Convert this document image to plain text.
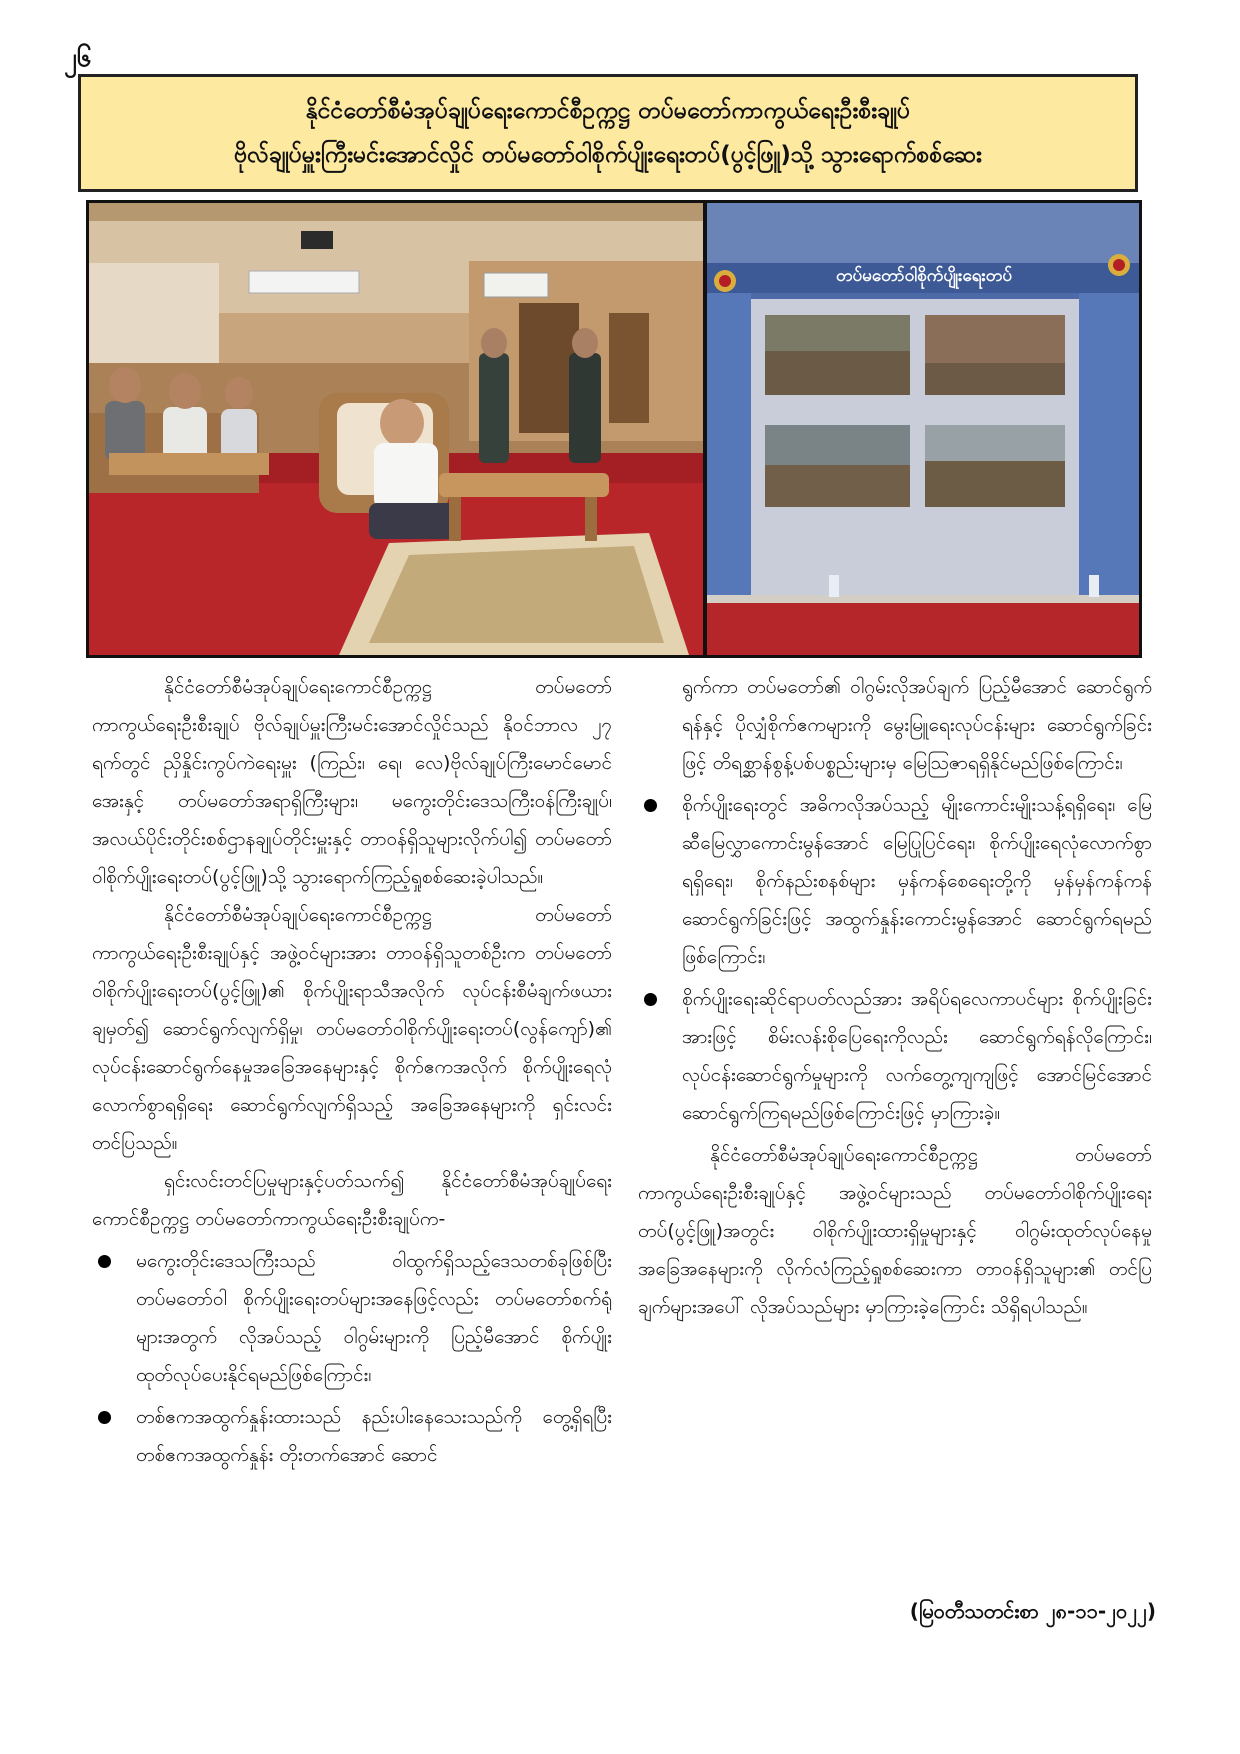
၂၆
နိုင်ငံတော်စီမံအုပ်ချုပ်ရေးကောင်စီဥက္ကဋ္ဌ တပ်မတော်ကာကွယ်ရေးဦးစီးချုပ်
ဗိုလ်ချုပ်မှူးကြီးမင်းအောင်လှိုင် တပ်မတော်ဝါစိုက်ပျိုးရေးတပ်(ပွင့်ဖြူ)သို့ သွားရောက်စစ်ဆေး
တပ်မတော်ဝါစိုက်ပျိုးရေးတပ်

နိုင်ငံတော်စီမံအုပ်ချုပ်ရေးကောင်စီဥက္ကဋ္ဌ တပ်မတော်ကာကွယ်ရေးဦးစီးချုပ် ဗိုလ်ချုပ်မှူးကြီးမင်းအောင်လှိုင်သည် နိုဝင်ဘာလ ၂၇ ရက်တွင် ညှိနှိုင်းကွပ်ကဲရေးမှူး (ကြည်း၊ ရေ၊ လေ)ဗိုလ်ချုပ်ကြီးမောင်မောင်အေးနှင့် တပ်မတော်အရာရှိကြီးများ၊ မကွေးတိုင်းဒေသကြီးဝန်ကြီးချုပ်၊ အလယ်ပိုင်းတိုင်းစစ်ဌာနချုပ်တိုင်းမှူးနှင့် တာဝန်ရှိသူများလိုက်ပါ၍ တပ်မတော်ဝါစိုက်ပျိုးရေးတပ်(ပွင့်ဖြူ)သို့ သွားရောက်ကြည့်ရှုစစ်ဆေးခဲ့ပါသည်။

နိုင်ငံတော်စီမံအုပ်ချုပ်ရေးကောင်စီဥက္ကဋ္ဌ တပ်မတော်ကာကွယ်ရေးဦးစီးချုပ်နှင့် အဖွဲ့ဝင်များအား တာဝန်ရှိသူတစ်ဦးက တပ်မတော်ဝါစိုက်ပျိုးရေးတပ်(ပွင့်ဖြူ)၏ စိုက်ပျိုးရာသီအလိုက် လုပ်ငန်းစီမံချက်ဖယားချမှတ်၍ ဆောင်ရွက်လျက်ရှိမှု၊ တပ်မတော်ဝါစိုက်ပျိုးရေးတပ်(လွန်ကျော်)၏ လုပ်ငန်းဆောင်ရွက်နေမှုအခြေအနေများနှင့် စိုက်ဧကအလိုက် စိုက်ပျိုးရေလုံလောက်စွာရရှိရေး ဆောင်ရွက်လျက်ရှိသည့် အခြေအနေများကို ရှင်းလင်းတင်ပြသည်။

ရှင်းလင်းတင်ပြမှုများနှင့်ပတ်သက်၍ နိုင်ငံတော်စီမံအုပ်ချုပ်ရေးကောင်စီဥက္ကဋ္ဌ တပ်မတော်ကာကွယ်ရေးဦးစီးချုပ်က-

မကွေးတိုင်းဒေသကြီးသည် ဝါထွက်ရှိသည့်ဒေသတစ်ခုဖြစ်ပြီး တပ်မတော်ဝါ စိုက်ပျိုးရေးတပ်များအနေဖြင့်လည်း တပ်မတော်စက်ရုံများအတွက် လိုအပ်သည့် ဝါဂွမ်းများကို ပြည့်မီအောင် စိုက်ပျိုးထုတ်လုပ်ပေးနိုင်ရမည်ဖြစ်ကြောင်း၊
တစ်ဧကအထွက်နှုန်းထားသည် နည်းပါးနေသေးသည်ကို တွေ့ရှိရပြီး တစ်ဧကအထွက်နှုန်း တိုးတက်အောင် ဆောင်

ရွက်ကာ တပ်မတော်၏ ဝါဂွမ်းလိုအပ်ချက် ပြည့်မီအောင် ဆောင်ရွက်ရန်နှင့် ပိုလျှံစိုက်ဧကများကို မွေးမြူရေးလုပ်ငန်းများ ဆောင်ရွက်ခြင်းဖြင့် တိရစ္ဆာန်စွန့်ပစ်ပစ္စည်းများမှ မြေဩဇာရရှိနိုင်မည်ဖြစ်ကြောင်း၊

စိုက်ပျိုးရေးတွင် အဓိကလိုအပ်သည့် မျိုးကောင်းမျိုးသန့်ရရှိရေး၊ မြေဆီမြေလွှာကောင်းမွန်အောင် မြေပြုပြင်ရေး၊ စိုက်ပျိုးရေလုံလောက်စွာရရှိရေး၊ စိုက်နည်းစနစ်များ မှန်ကန်စေရေးတို့ကို မှန်မှန်ကန်ကန် ဆောင်ရွက်ခြင်းဖြင့် အထွက်နှုန်းကောင်းမွန်အောင် ဆောင်ရွက်ရမည်ဖြစ်ကြောင်း၊
စိုက်ပျိုးရေးဆိုင်ရာပတ်လည်အား အရိပ်ရလေကာပင်များ စိုက်ပျိုးခြင်းအားဖြင့် စိမ်းလန်းစိုပြေရေးကိုလည်း ဆောင်ရွက်ရန်လိုကြောင်း၊ လုပ်ငန်းဆောင်ရွက်မှုများကို လက်တွေ့ကျကျဖြင့် အောင်မြင်အောင် ဆောင်ရွက်ကြရမည်ဖြစ်ကြောင်းဖြင့် မှာကြားခဲ့။

နိုင်ငံတော်စီမံအုပ်ချုပ်ရေးကောင်စီဥက္ကဋ္ဌ တပ်မတော်ကာကွယ်ရေးဦးစီးချုပ်နှင့် အဖွဲ့ဝင်များသည် တပ်မတော်ဝါစိုက်ပျိုးရေးတပ်(ပွင့်ဖြူ)အတွင်း ဝါစိုက်ပျိုးထားရှိမှုများနှင့် ဝါဂွမ်းထုတ်လုပ်နေမှု အခြေအနေများကို လိုက်လံကြည့်ရှုစစ်ဆေးကာ တာဝန်ရှိသူများ၏ တင်ပြချက်များအပေါ် လိုအပ်သည်များ မှာကြားခဲ့ကြောင်း သိရှိရပါသည်။

(မြဝတီသတင်းစာ ၂၈-၁၁-၂၀၂၂)
